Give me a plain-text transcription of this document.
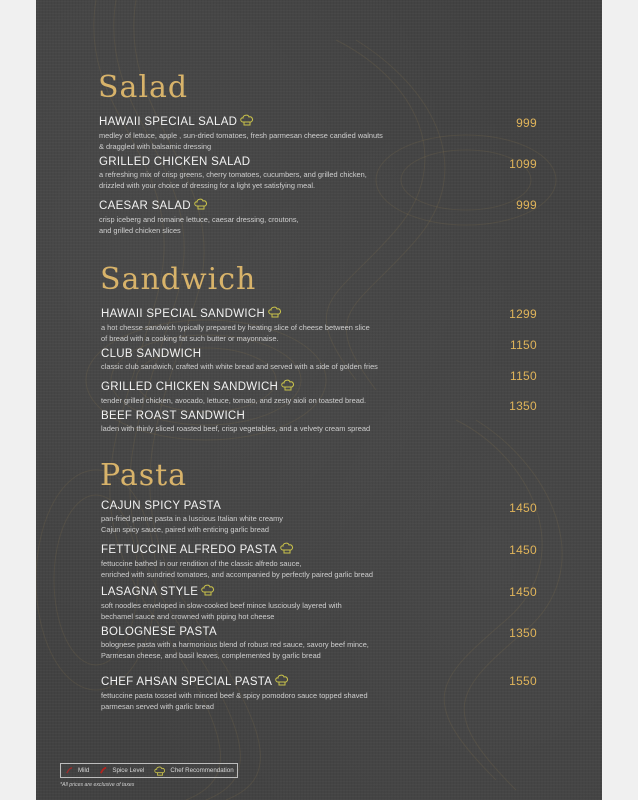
Salad
HAWAII SPECIAL SALAD
medley of lettuce, apple , sun-dried tomatoes, fresh parmesan cheese candied walnuts
& draggled with balsamic dressing
999
GRILLED CHICKEN SALAD
a refreshing mix of crisp greens, cherry tomatoes, cucumbers, and grilled chicken,
drizzled with your choice of dressing for a light yet satisfying meal.
1099
CAESAR SALAD
crisp iceberg and romaine lettuce, caesar dressing, croutons,
and grilled chicken slices
999
Sandwich
HAWAII SPECIAL SANDWICH
a hot chesse sandwich typically prepared by heating slice of cheese between slice
of bread with a cooking fat such butter or mayonnaise.
1299
CLUB SANDWICH
classic club sandwich, crafted with white bread and served with a side of golden fries
1150
GRILLED CHICKEN SANDWICH
tender grilled chicken, avocado, lettuce, tomato, and zesty aioli on toasted bread.
1150
BEEF ROAST SANDWICH
laden with thinly sliced roasted beef, crisp vegetables, and a velvety cream spread
1350
Pasta
CAJUN SPICY PASTA
pan-fried penne pasta in a luscious Italian white creamy
Cajun spicy sauce, paired with enticing garlic bread
1450
FETTUCCINE ALFREDO PASTA
fettuccine bathed in our rendition of the classic alfredo sauce,
enriched with sundried tomatoes, and accompanied by perfectly paired garlic bread
1450
LASAGNA STYLE
soft noodles enveloped in slow-cooked beef mince lusciously layered with
bechamel sauce and crowned with piping hot cheese
1450
BOLOGNESE PASTA
bolognese pasta with a harmonious blend of robust red sauce, savory beef mince,
Parmesan cheese, and basil leaves, complemented by garlic bread
1350
CHEF AHSAN SPECIAL PASTA
fettuccine pasta tossed with minced beef & spicy pomodoro sauce topped shaved
parmesan served with garlic bread
1550
Mild	Spice Level	Chef Recommendation
*All prices are exclusive of taxes
